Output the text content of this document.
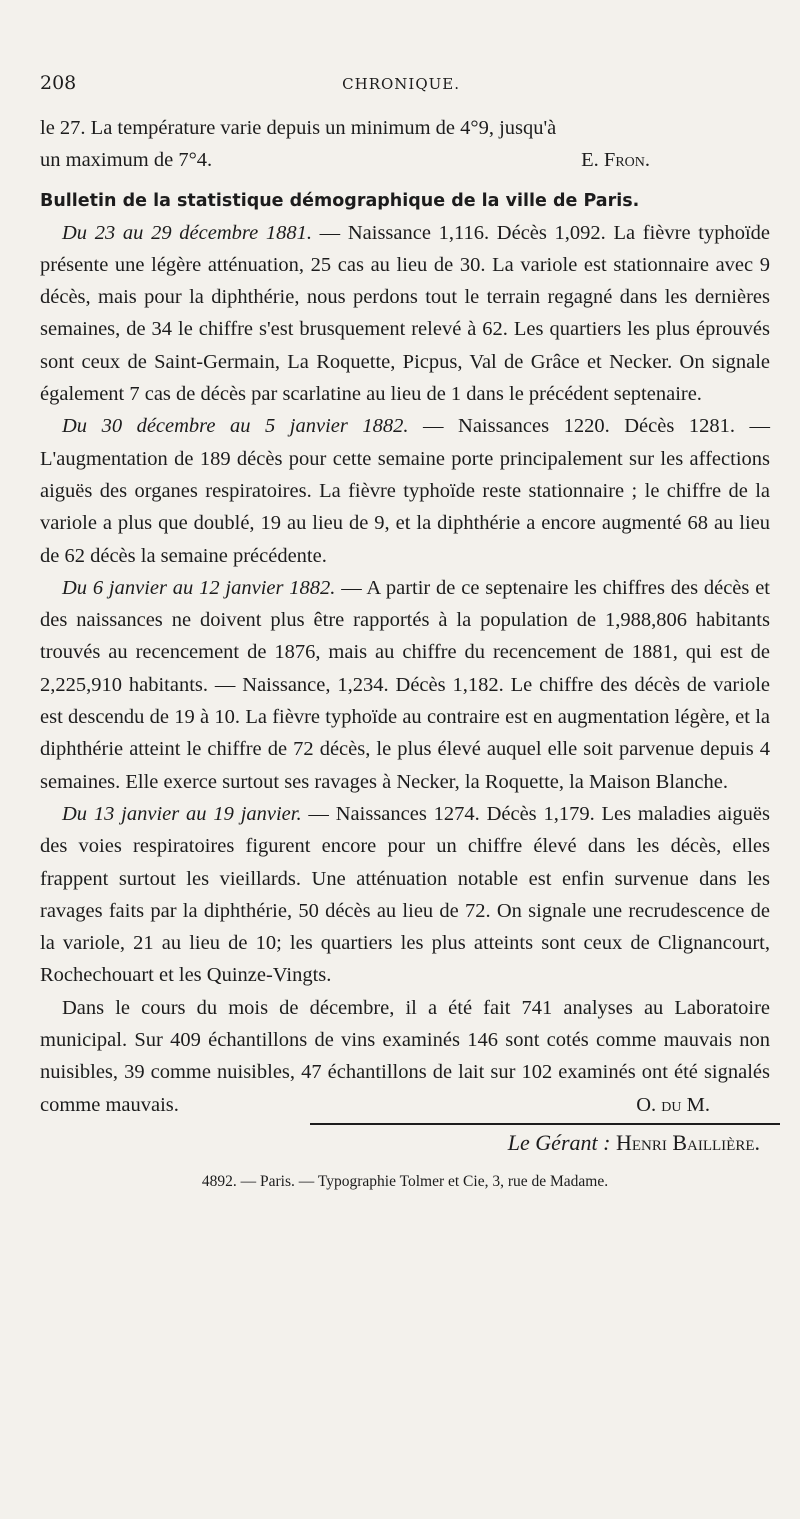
208	CHRONIQUE.

le 27. La température varie depuis un minimum de 4°9, jusqu'à

un maximum de 7°4.	E. Fron.

Bulletin de la statistique démographique de la ville de Paris.

Du 23 au 29 décembre 1881. — Naissance 1,116. Décès 1,092. La fièvre typhoïde présente une légère atténuation, 25 cas au lieu de 30. La variole est stationnaire avec 9 décès, mais pour la diphthérie, nous perdons tout le terrain regagné dans les dernières semaines, de 34 le chiffre s'est brusquement relevé à 62. Les quartiers les plus éprouvés sont ceux de Saint-Germain, La Roquette, Picpus, Val de Grâce et Necker. On signale également 7 cas de décès par scarlatine au lieu de 1 dans le précédent septenaire.

Du 30 décembre au 5 janvier 1882. — Naissances 1220. Décès 1281. — L'augmentation de 189 décès pour cette semaine porte principalement sur les affections aiguës des organes respiratoires. La fièvre typhoïde reste stationnaire ; le chiffre de la variole a plus que doublé, 19 au lieu de 9, et la diphthérie a encore augmenté 68 au lieu de 62 décès la semaine précédente.

Du 6 janvier au 12 janvier 1882. — A partir de ce septenaire les chiffres des décès et des naissances ne doivent plus être rapportés à la population de 1,988,806 habitants trouvés au recencement de 1876, mais au chiffre du recencement de 1881, qui est de 2,225,910 habitants. — Naissance, 1,234. Décès 1,182. Le chiffre des décès de variole est descendu de 19 à 10. La fièvre typhoïde au contraire est en augmentation légère, et la diphthérie atteint le chiffre de 72 décès, le plus élevé auquel elle soit parvenue depuis 4 semaines. Elle exerce surtout ses ravages à Necker, la Roquette, la Maison Blanche.

Du 13 janvier au 19 janvier. — Naissances 1274. Décès 1,179. Les maladies aiguës des voies respiratoires figurent encore pour un chiffre élevé dans les décès, elles frappent surtout les vieillards. Une atténuation notable est enfin survenue dans les ravages faits par la diphthérie, 50 décès au lieu de 72. On signale une recrudescence de la variole, 21 au lieu de 10; les quartiers les plus atteints sont ceux de Clignancourt, Rochechouart et les Quinze-Vingts.

Dans le cours du mois de décembre, il a été fait 741 analyses au Laboratoire municipal. Sur 409 échantillons de vins examinés 146 sont cotés comme mauvais non nuisibles, 39 comme nuisibles, 47 échantillons de lait sur 102 examinés ont été signalés comme mauvais.	O. du M.

Le Gérant : Henri Baillière.
4892. — Paris. — Typographie Tolmer et Cie, 3, rue de Madame.
